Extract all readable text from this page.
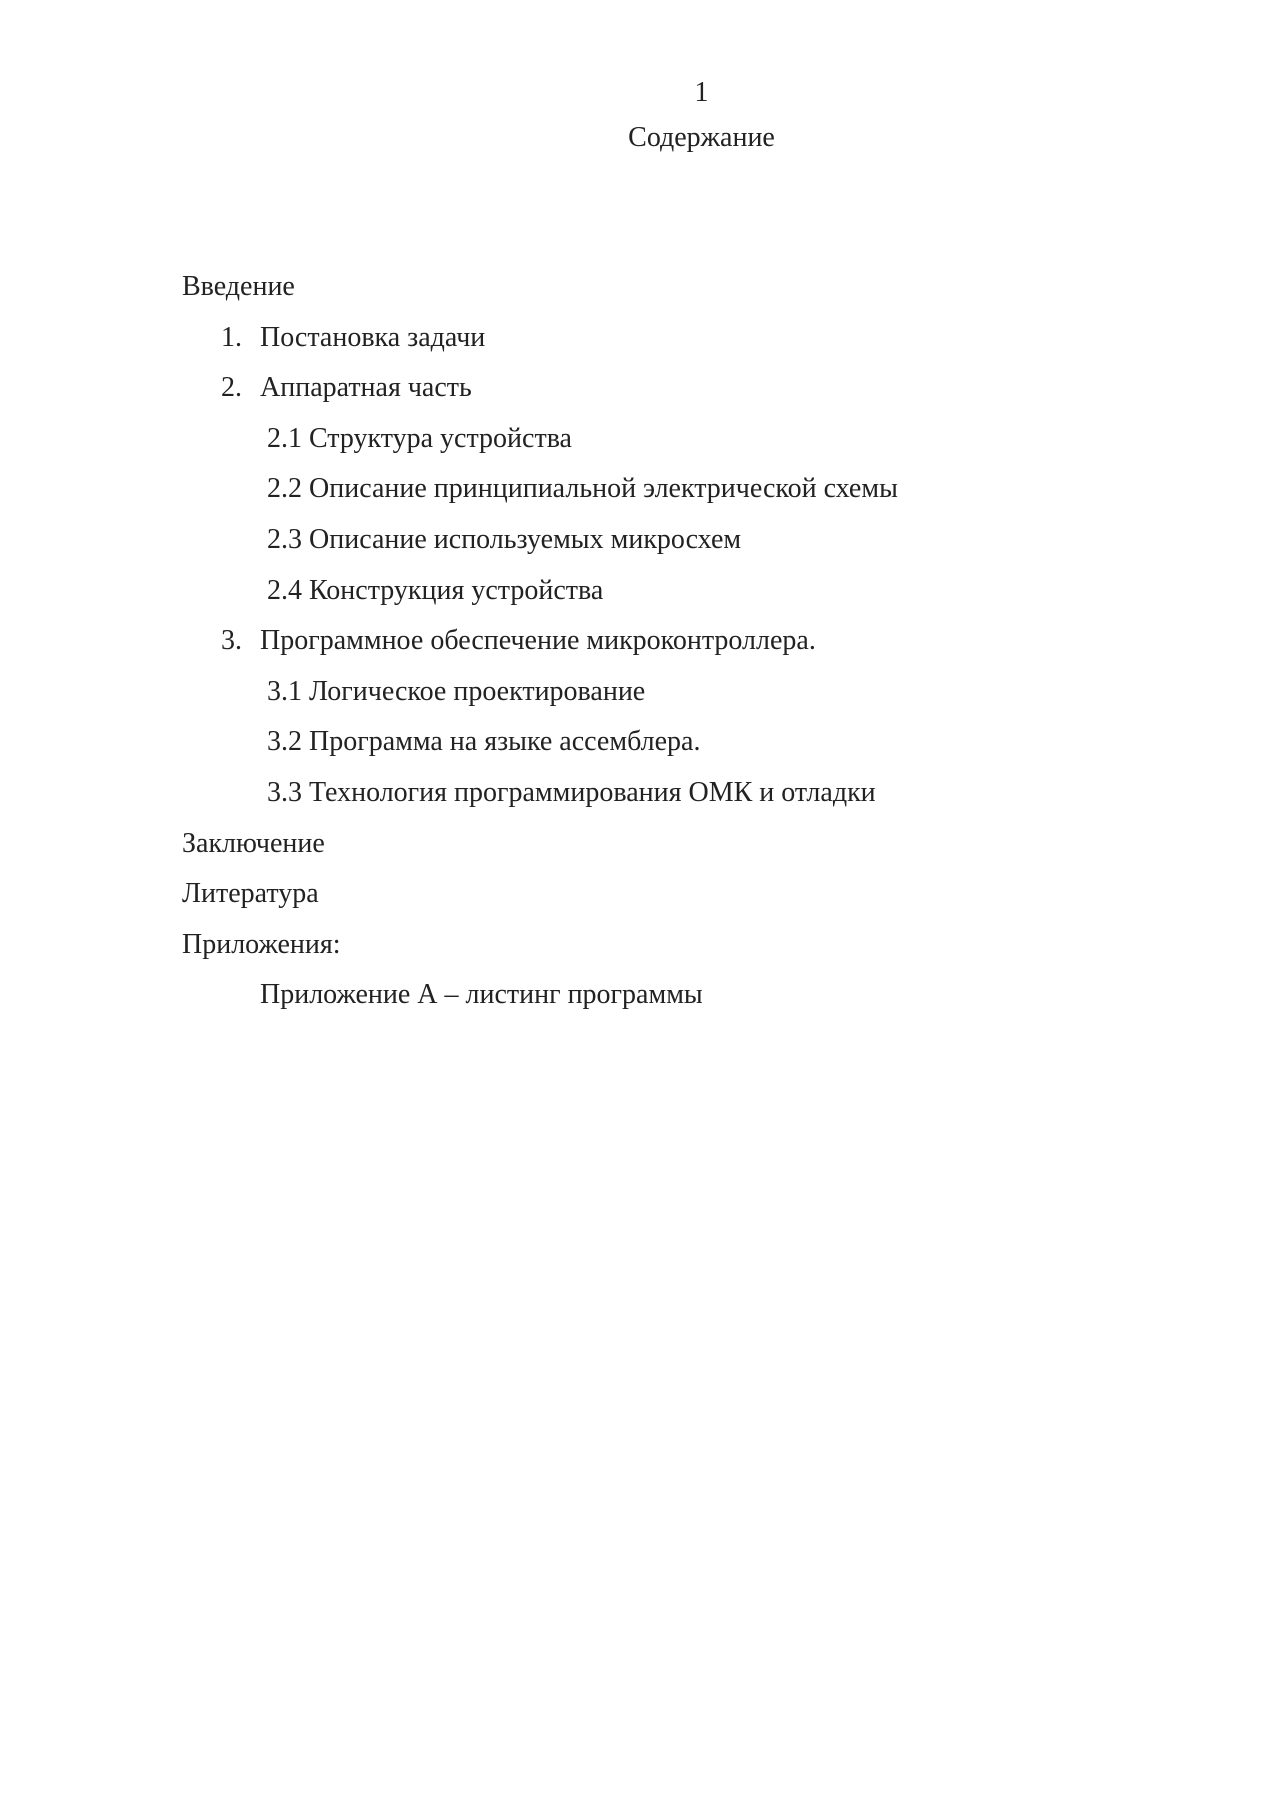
1
Содержание
Введение
1. Постановка задачи
2. Аппаратная часть
2.1 Структура устройства
2.2 Описание принципиальной электрической схемы
2.3 Описание используемых микросхем
2.4 Конструкция устройства
3. Программное обеспечение микроконтроллера.
3.1 Логическое проектирование
3.2 Программа на языке ассемблера.
3.3 Технология программирования ОМК и отладки
Заключение
Литература
Приложения:
Приложение А – листинг программы
